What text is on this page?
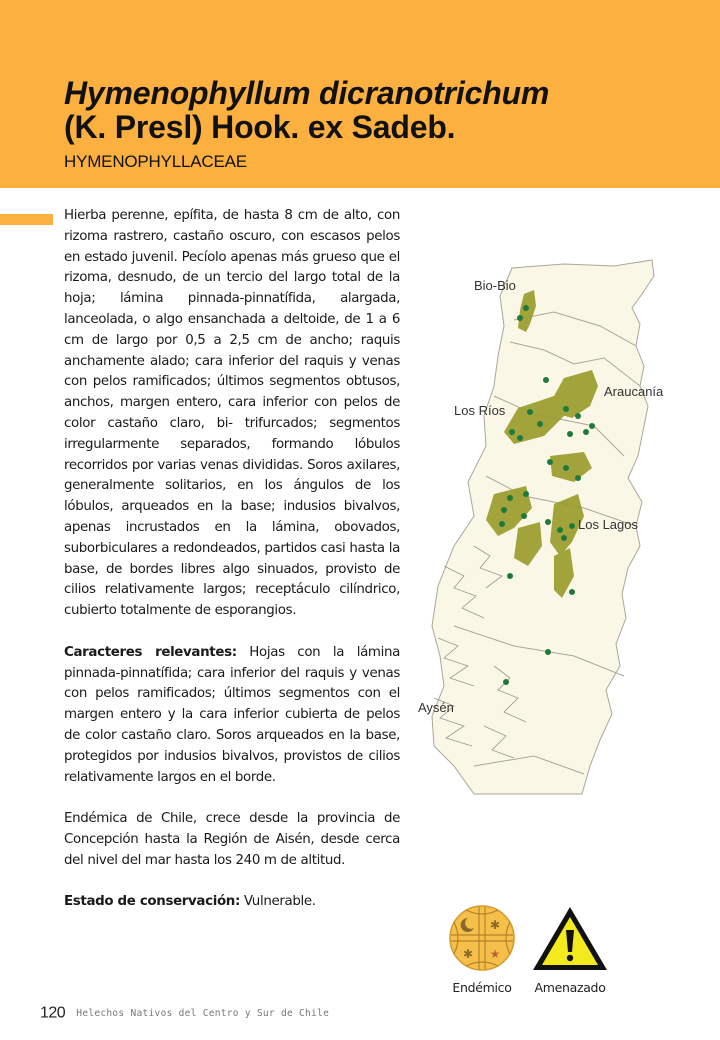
Hymenophyllum dicranotrichum
(K. Presl) Hook. ex Sadeb.
HYMENOPHYLLACEAE

Hierba perenne, epífita, de hasta 8 cm de alto, con rizoma rastrero, castaño oscuro, con escasos pelos en estado juvenil. Pecíolo apenas más grueso que el rizoma, desnudo, de un tercio del largo total de la hoja; lámina pinnada-pinnatífida, alargada, lanceolada, o algo ensanchada a deltoide, de 1 a 6 cm de largo por 0,5 a 2,5 cm de ancho; raquis anchamente alado; cara inferior del raquis y venas con pelos ramificados; últimos segmentos obtusos, anchos, margen entero, cara inferior con pelos de color castaño claro, bi- trifurcados; segmentos irregularmente separados, formando lóbulos recorridos por varias venas divididas. Soros axilares, generalmente solitarios, en los ángulos de los lóbulos, arqueados en la base; indusios bivalvos, apenas incrustados en la lámina, obovados, suborbiculares a redondeados, partidos casi hasta la base, de bordes libres algo sinuados, provisto de cilios relativamente largos; receptáculo cilíndrico, cubierto totalmente de esporangios.

Caracteres relevantes: Hojas con la lámina pinnada-pinnatífida; cara inferior del raquis y venas con pelos ramificados; últimos segmentos con el margen entero y la cara inferior cubierta de pelos de color castaño claro. Soros arqueados en la base, protegidos por indusios bivalvos, provistos de cilios relativamente largos en el borde.

Endémica de Chile, crece desde la provincia de Concepción hasta la Región de Aisén, desde cerca del nivel del mar hasta los 240 m de altitud.

Estado de conservación: Vulnerable.

Bio-Bio
Araucanía
Los Ríos
Los Lagos
Aysén
✱
✱ ★
Endémico	Amenazado
120 Helechos Nativos del Centro y Sur de Chile
